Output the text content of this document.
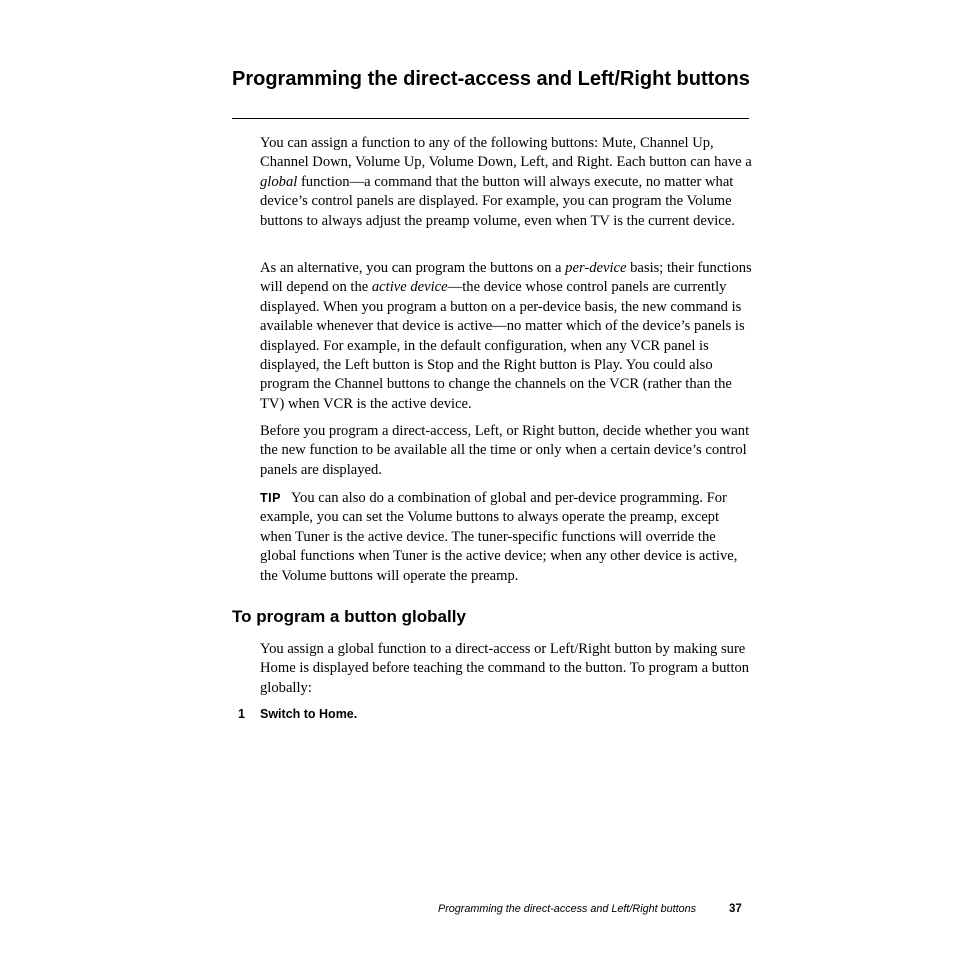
Programming the direct-access and Left/Right buttons

You can assign a function to any of the following buttons: Mute, Channel Up, Channel Down, Volume Up, Volume Down, Left, and Right. Each button can have a global function—a command that the button will always execute, no matter what device’s control panels are displayed. For example, you can program the Volume buttons to always adjust the preamp volume, even when TV is the current device.

As an alternative, you can program the buttons on a per-device basis; their functions will depend on the active device—the device whose control panels are currently displayed. When you program a button on a per-device basis, the new command is available whenever that device is active—no matter which of the device’s panels is displayed. For example, in the default configuration, when any VCR panel is displayed, the Left button is Stop and the Right button is Play. You could also program the Channel buttons to change the channels on the VCR (rather than the TV) when VCR is the active device.

Before you program a direct-access, Left, or Right button, decide whether you want the new function to be available all the time or only when a certain device’s control panels are displayed.

TIP You can also do a combination of global and per-device programming. For example, you can set the Volume buttons to always operate the preamp, except when Tuner is the active device. The tuner-specific functions will override the global functions when Tuner is the active device; when any other device is active, the Volume buttons will operate the preamp.

To program a button globally

You assign a global function to a direct-access or Left/Right button by making sure Home is displayed before teaching the command to the button. To program a button globally:

1 Switch to Home.

Programming the direct-access and Left/Right buttons	37
